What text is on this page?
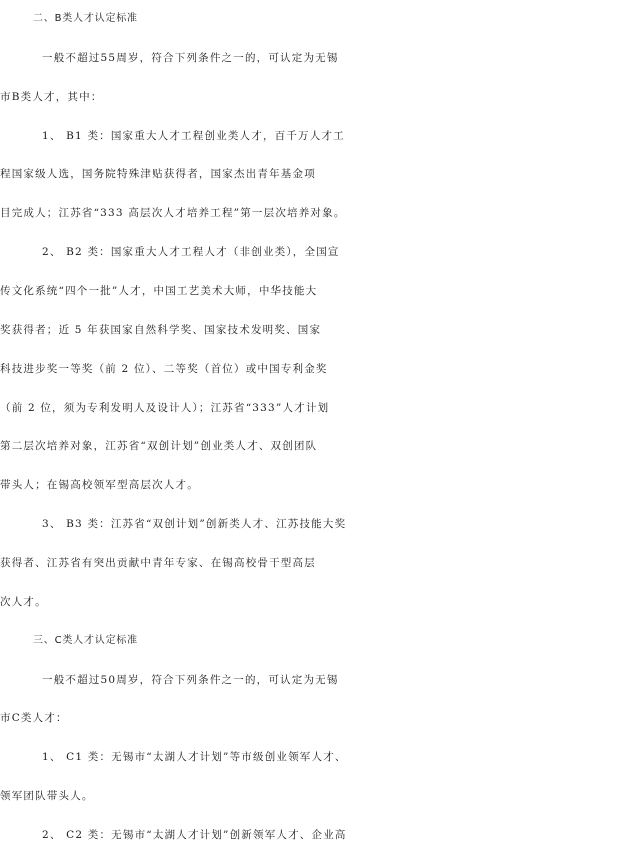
二、B类人才认定标准
一般不超过55周岁，符合下列条件之一的，可认定为无锡
市B类人才，其中：
1、 B1 类：国家重大人才工程创业类人才，百千万人才工
程国家级人选，国务院特殊津贴获得者，国家杰出青年基金项
目完成人；江苏省“333 高层次人才培养工程”第一层次培养对象。
2、 B2 类：国家重大人才工程人才（非创业类），全国宣
传文化系统“四个一批”人才，中国工艺美术大师，中华技能大
奖获得者；近 5 年获国家自然科学奖、国家技术发明奖、国家
科技进步奖一等奖（前 2 位）、二等奖（首位）或中国专利金奖
（前 2 位，须为专利发明人及设计人）；江苏省“333”人才计划
第二层次培养对象，江苏省“双创计划”创业类人才、双创团队
带头人；在锡高校领军型高层次人才。
3、 B3 类：江苏省“双创计划”创新类人才、江苏技能大奖
获得者、江苏省有突出贡献中青年专家、在锡高校骨干型高层
次人才。
三、C类人才认定标准
一般不超过50周岁，符合下列条件之一的，可认定为无锡
市C类人才：
1、 C1 类：无锡市“太湖人才计划”等市级创业领军人才、
领军团队带头人。
2、 C2 类：无锡市“太湖人才计划”创新领军人才、企业高
